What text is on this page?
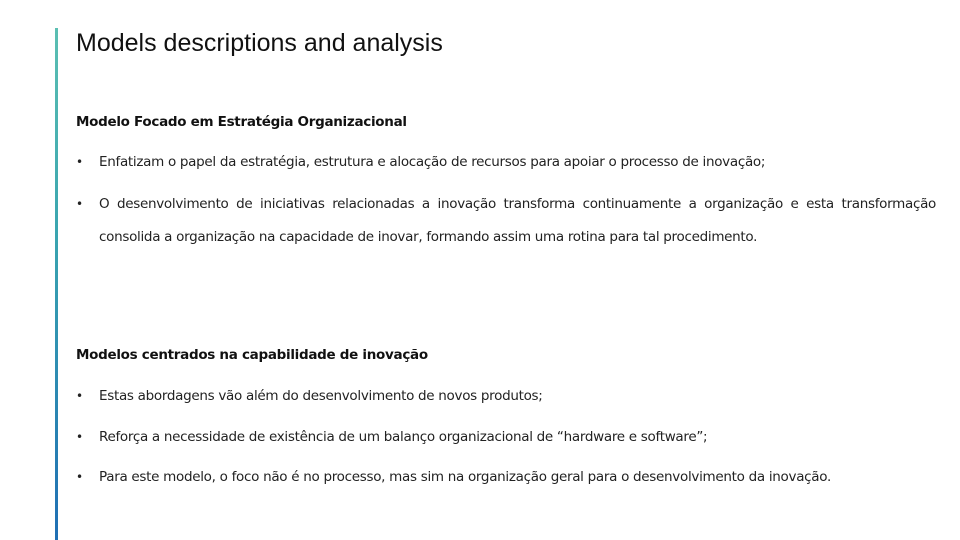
Models descriptions and analysis
Modelo Focado em Estratégia Organizacional
• Enfatizam o papel da estratégia, estrutura e alocação de recursos para apoiar o processo de inovação;
• O desenvolvimento de iniciativas relacionadas a inovação transforma continuamente a organização e esta transformação consolida a organização na capacidade de inovar, formando assim uma rotina para tal procedimento.
Modelos centrados na capabilidade de inovação
• Estas abordagens vão além do desenvolvimento de novos produtos;
• Reforça a necessidade de existência de um balanço organizacional de “hardware e software”;
• Para este modelo, o foco não é no processo, mas sim na organização geral para o desenvolvimento da inovação.
